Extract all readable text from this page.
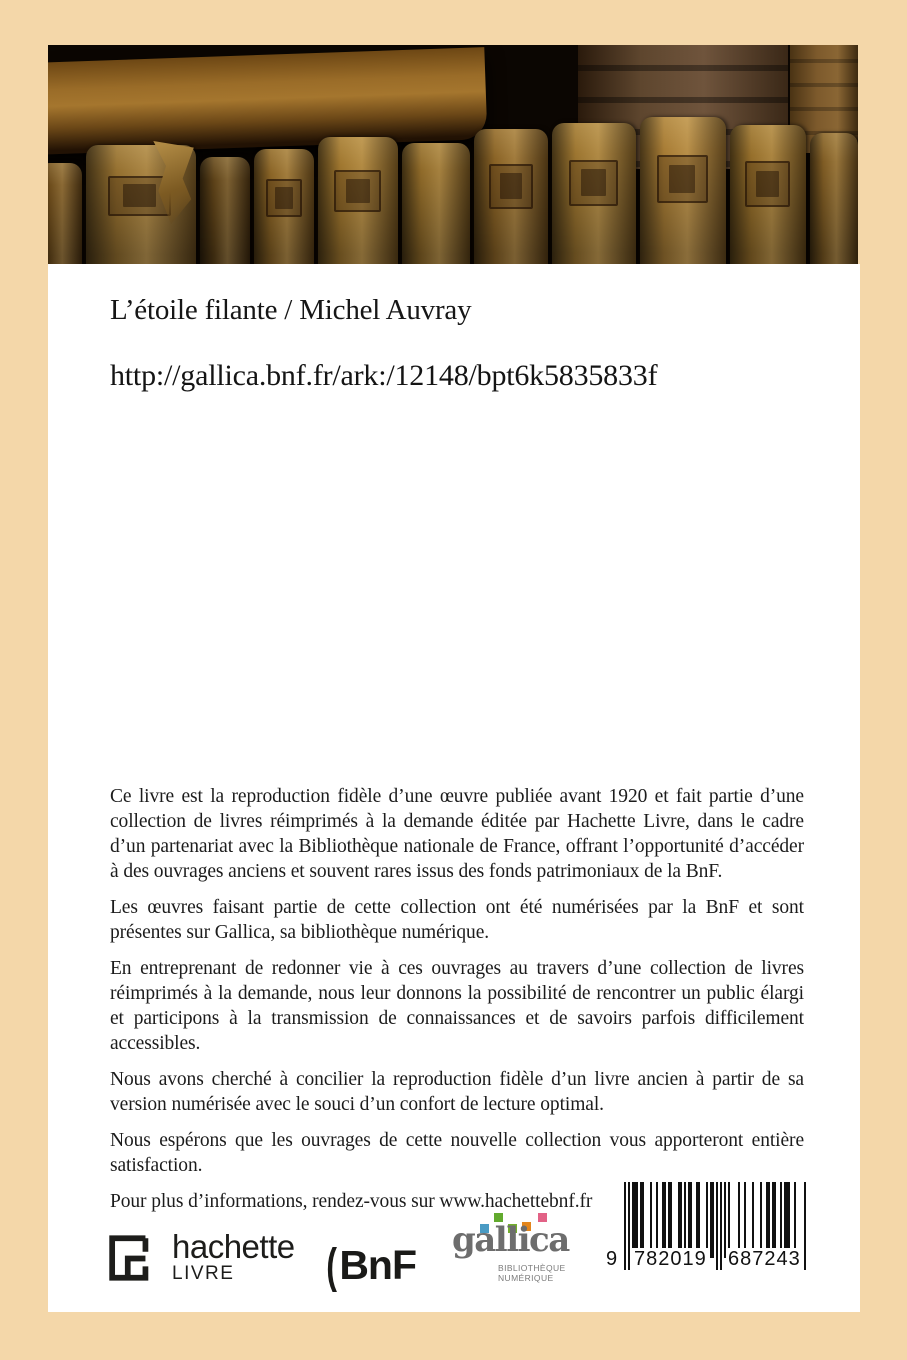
L’étoile filante / Michel Auvray
http://gallica.bnf.fr/ark:/12148/bpt6k5835833f

Ce livre est la reproduction fidèle d’une œuvre publiée avant 1920 et fait partie d’une collection de livres réimprimés à la demande éditée par Hachette Livre, dans le cadre d’un partenariat avec la Bibliothèque nationale de France, offrant l’opportunité d’accéder à des ouvrages anciens et souvent rares issus des fonds patrimoniaux de la BnF.

Les œuvres faisant partie de cette collection ont été numérisées par la BnF et sont présentes sur Gallica, sa bibliothèque numérique.

En entreprenant de redonner vie à ces ouvrages au travers d’une collection de livres réimprimés à la demande, nous leur donnons la possibilité de rencontrer un public élargi et participons à la transmission de connaissances et de savoirs parfois difficilement accessibles.

Nous avons cherché à concilier la reproduction fidèle d’un livre ancien à partir de sa version numérisée avec le souci d’un confort de lecture optimal.

Nous espérons que les ouvrages de cette nouvelle collection vous apporteront entière satisfaction.

Pour plus d’informations, rendez-vous sur www.hachettebnf.fr

hachette
LIVRE	( BnF
gallica
BIBLIOTHÈQUE
NUMÉRIQUE
9 782019 687243
